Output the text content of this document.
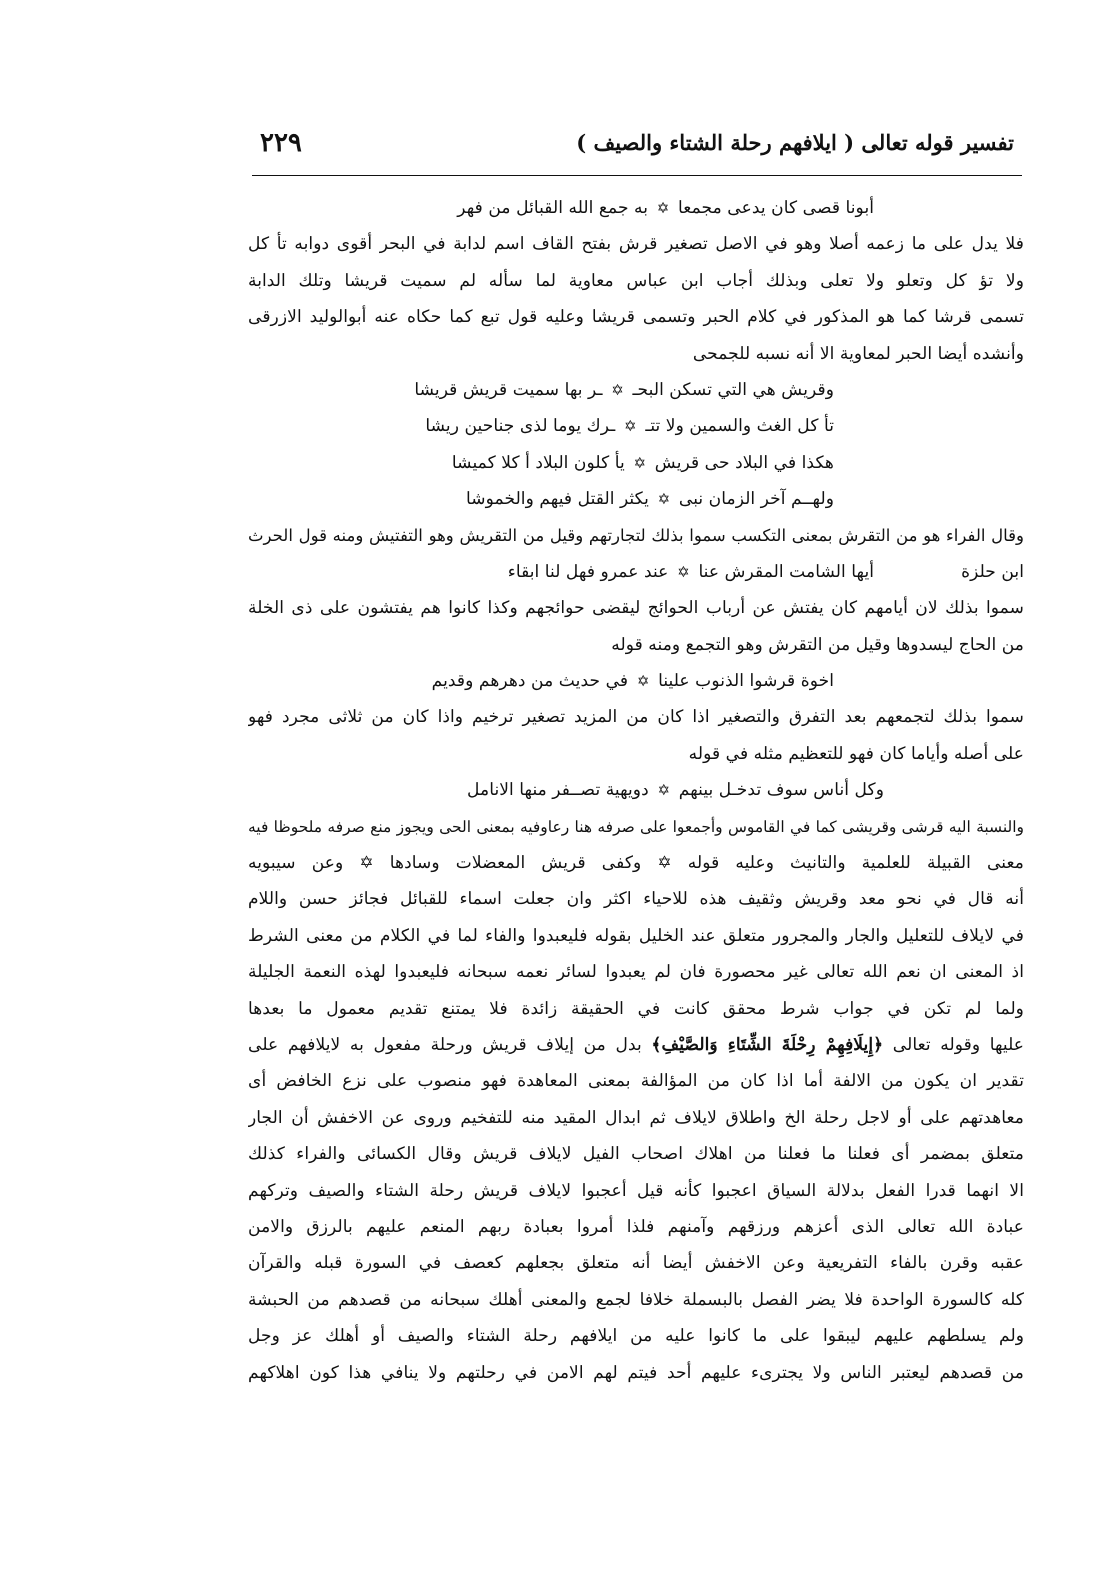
تفسير قوله تعالى ( ايلافهم رحلة الشتاء والصيف )
٢٢٩
أبونا قصى كان يدعى مجمعا
✡
به جمع الله القبائل من فهر
فلا يدل على ما زعمه أصلا وهو في الاصل تصغير قرش بفتح القاف اسم لدابة في البحر أقوى دوابه تأ كل
ولا تؤ كل وتعلو ولا تعلى وبذلك أجاب ابن عباس معاوية لما سأله لم سميت قريشا وتلك الدابة
تسمى قرشا كما هو المذكور في كلام الحبر وتسمى قريشا وعليه قول تبع كما حكاه عنه أبوالوليد الازرقى
وأنشده أيضا الحبر لمعاوية الا أنه نسبه للجمحى
وقريش هي التي تسكن البحـ
✡
ـر بها سميت قريش قريشا
تأ كل الغث والسمين ولا تتـ
✡
ـرك يوما لذى جناحين ريشا
هكذا في البلاد حى قريش
✡
يأ كلون البلاد أ كلا كميشا
ولهــم آخر الزمان نبى
✡
يكثر القتل فيهم والخموشا
وقال الفراء هو من التقرش بمعنى التكسب سموا بذلك لتجارتهم وقيل من التقريش وهو التفتيش ومنه قول الحرث
ابن حلزة
أيها الشامت المقرش عنا
✡
عند عمرو فهل لنا ابقاء
سموا بذلك لان أيامهم كان يفتش عن أرباب الحوائج ليقضى حوائجهم وكذا كانوا هم يفتشون على ذى الخلة
من الحاج ليسدوها وقيل من التقرش وهو التجمع ومنه قوله
اخوة قرشوا الذنوب علينا
✡
في حديث من دهرهم وقديم
سموا بذلك لتجمعهم بعد التفرق والتصغير اذا كان من المزيد تصغير ترخيم واذا كان من ثلاثى مجرد فهو
على أصله وأياما كان فهو للتعظيم مثله في قوله
وكل أناس سوف تدخـل بينهم
✡
دويهية تصــفر منها الانامل
والنسبة اليه قرشى وقريشى كما في القاموس وأجمعوا على صرفه هنا رعاوفيه بمعنى الحى ويجوز منع صرفه ملحوظا فيه
معنى القبيلة للعلمية والتانيث وعليه قوله ✡ وكفى قريش المعضلات وسادها ✡ وعن سيبويه
أنه قال في نحو معد وقريش وثقيف هذه للاحياء اكثر وان جعلت اسماء للقبائل فجائز حسن واللام
في لايلاف للتعليل والجار والمجرور متعلق عند الخليل بقوله فليعبدوا والفاء لما في الكلام من معنى الشرط
اذ المعنى ان نعم الله تعالى غير محصورة فان لم يعبدوا لسائر نعمه سبحانه فليعبدوا لهذه النعمة الجليلة
ولما لم تكن في جواب شرط محقق كانت في الحقيقة زائدة فلا يمتنع تقديم معمول ما بعدها
عليها وقوله تعالى ﴿إِيلَافِهِمْ رِحْلَةَ الشِّتَاءِ وَالصَّيْفِ﴾ بدل من إيلاف قريش ورحلة مفعول به لايلافهم على
تقدير ان يكون من الالفة أما اذا كان من المؤالفة بمعنى المعاهدة فهو منصوب على نزع الخافض أى
معاهدتهم على أو لاجل رحلة الخ واطلاق لايلاف ثم ابدال المقيد منه للتفخيم وروى عن الاخفش أن الجار
متعلق بمضمر أى فعلنا ما فعلنا من اهلاك اصحاب الفيل لايلاف قريش وقال الكسائى والفراء كذلك
الا انهما قدرا الفعل بدلالة السياق اعجبوا كأنه قيل أعجبوا لايلاف قريش رحلة الشتاء والصيف وتركهم
عبادة الله تعالى الذى أعزهم ورزقهم وآمنهم فلذا أمروا بعبادة ربهم المنعم عليهم بالرزق والامن
عقبه وقرن بالفاء التفريعية وعن الاخفش أيضا أنه متعلق بجعلهم كعصف في السورة قبله والقرآن
كله كالسورة الواحدة فلا يضر الفصل بالبسملة خلافا لجمع والمعنى أهلك سبحانه من قصدهم من الحبشة
ولم يسلطهم عليهم ليبقوا على ما كانوا عليه من ايلافهم رحلة الشتاء والصيف أو أهلك عز وجل
من قصدهم ليعتبر الناس ولا يجترىء عليهم أحد فيتم لهم الامن في رحلتهم ولا ينافي هذا كون اهلاكهم
